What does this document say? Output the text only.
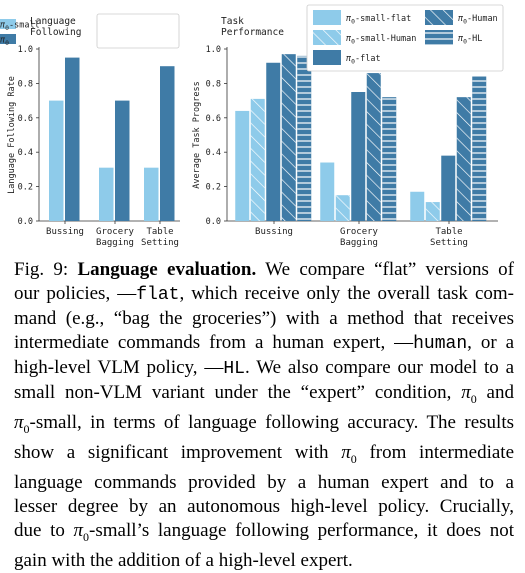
0.0
0.2
0.4
0.6
0.8
1.0
Language Following Rate
Language
Following
Bussing Grocery
Bagging
Table
Setting
$\pi_0$-small
$\pi_0$
0.0
0.2
0.4
0.6
0.8
1.0
Average Task Progress
Task
Performance
Bussing	Grocery
Bagging
Table
Setting
$\pi_0-small$-flat
$\pi_0-small$-Human
$\pi_0$-flat
$\pi_0$-Human
$\pi_0-HL$
Fig. 9: Language evaluation. We compare “flat” versions of
our policies, —flat, which receive only the overall task com-
mand (e.g., “bag the groceries”) with a method that receives
intermediate commands from a human expert, —human, or a
high-level VLM policy, —HL. We also compare our model to a
small non-VLM variant under the “expert” condition, $\pi_0$ and
$\pi_0$-small, in terms of language following accuracy. The results
show a significant improvement with $\pi_0$ from intermediate
language commands provided by a human expert and to a
lesser degree by an autonomous high-level policy. Crucially,
due to $\pi_0-small’s$ language following performance, it does not
gain with the addition of a high-level expert.
